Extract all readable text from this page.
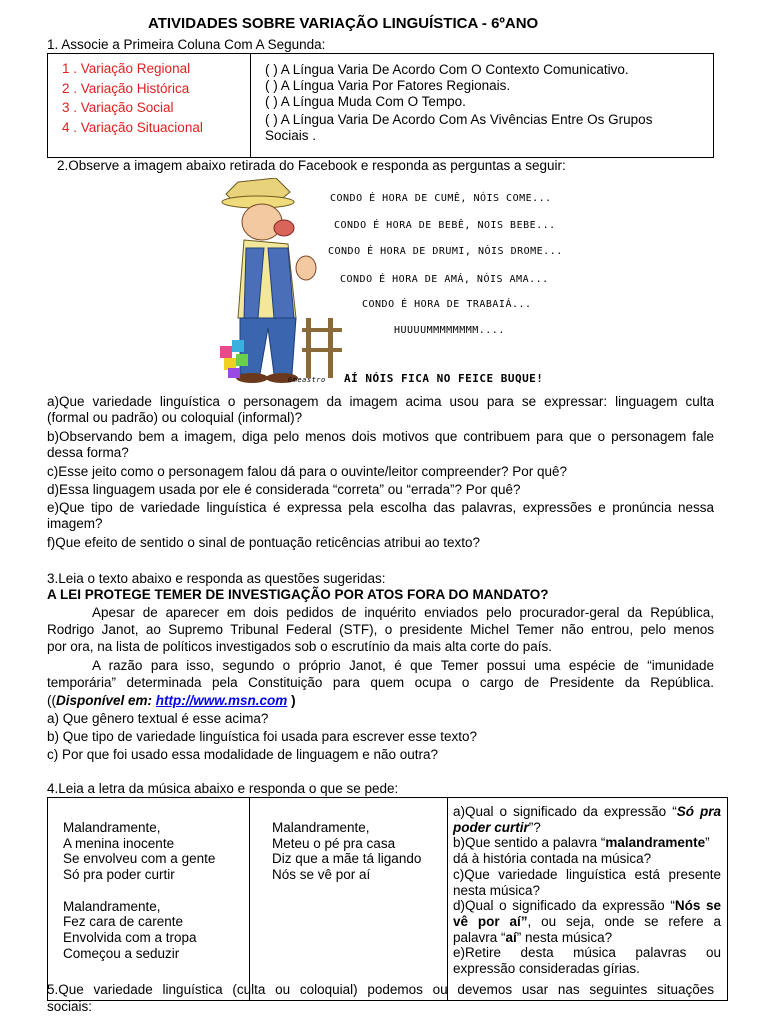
ATIVIDADES SOBRE VARIAÇÃO LINGUÍSTICA - 6ºANO
1. Associe a Primeira Coluna Com A Segunda:
1 . Variação Regional
2 . Variação Histórica
3 . Variação Social
4 . Variação Situacional

( ) A Língua Varia De Acordo Com O Contexto Comunicativo.
( ) A Língua Varia Por Fatores Regionais.
( ) A Língua Muda Com O Tempo.
( ) A Língua Varia De Acordo Com As Vivências Entre Os Grupos
Sociais .
2.Observe a imagem abaixo retirada do Facebook e responda as perguntas a seguir:
CONDO É HORA DE CUMÊ, NÓIS COME...
CONDO É HORA DE BEBÊ, NOIS BEBE...
CONDO É HORA DE DRUMI, NÓIS DROME...
CONDO É HORA DE AMÁ, NÓIS AMA...
CONDO É HORA DE TRABAIÁ...
HUUUUMMMMMMMM....
Gmeastro AÍ NÓIS FICA NO FEICE BUQUE!
a)Que variedade linguística o personagem da imagem acima usou para se expressar: linguagem culta
(formal ou padrão) ou coloquial (informal)?
b)Observando bem a imagem, diga pelo menos dois motivos que contribuem para que o personagem fale
dessa forma?
c)Esse jeito como o personagem falou dá para o ouvinte/leitor compreender? Por quê?
d)Essa linguagem usada por ele é considerada “correta” ou “errada”? Por quê?
e)Que tipo de variedade linguística é expressa pela escolha das palavras, expressões e pronúncia nessa
imagem?
f)Que efeito de sentido o sinal de pontuação reticências atribui ao texto?
3.Leia o texto abaixo e responda as questões sugeridas:
A LEI PROTEGE TEMER DE INVESTIGAÇÃO POR ATOS FORA DO MANDATO?
Apesar de aparecer em dois pedidos de inquérito enviados pelo procurador-geral da República,
Rodrigo Janot, ao Supremo Tribunal Federal (STF), o presidente Michel Temer não entrou, pelo menos
por ora, na lista de políticos investigados sob o escrutínio da mais alta corte do país.
A razão para isso, segundo o próprio Janot, é que Temer possui uma espécie de “imunidade
temporária” determinada pela Constituição para quem ocupa o cargo de Presidente da República.
((Disponível em: http://www.msn.com )
a) Que gênero textual é esse acima?
b) Que tipo de variedade linguística foi usada para escrever esse texto?
c) Por que foi usado essa modalidade de linguagem e não outra?
4.Leia a letra da música abaixo e responda o que se pede:
Malandramente,
A menina inocente
Se envolveu com a gente
Só pra poder curtir
Malandramente,
Fez cara de carente
Envolvida com a tropa
Começou a seduzir

Malandramente,
Meteu o pé pra casa
Diz que a mãe tá ligando
Nós se vê por aí

a)Qual o significado da expressão “Só pra
poder curtir”?
b)Que sentido a palavra “malandramente”
dá à história contada na música?
c)Que variedade linguística está presente
nesta música?
d)Qual o significado da expressão “Nós se
vê por aí”, ou seja, onde se refere a
palavra “aí” nesta música?
e)Retire desta música palavras ou
expressão consideradas gírias.
5.Que variedade linguística (culta ou coloquial) podemos ou devemos usar nas seguintes situações
sociais:
